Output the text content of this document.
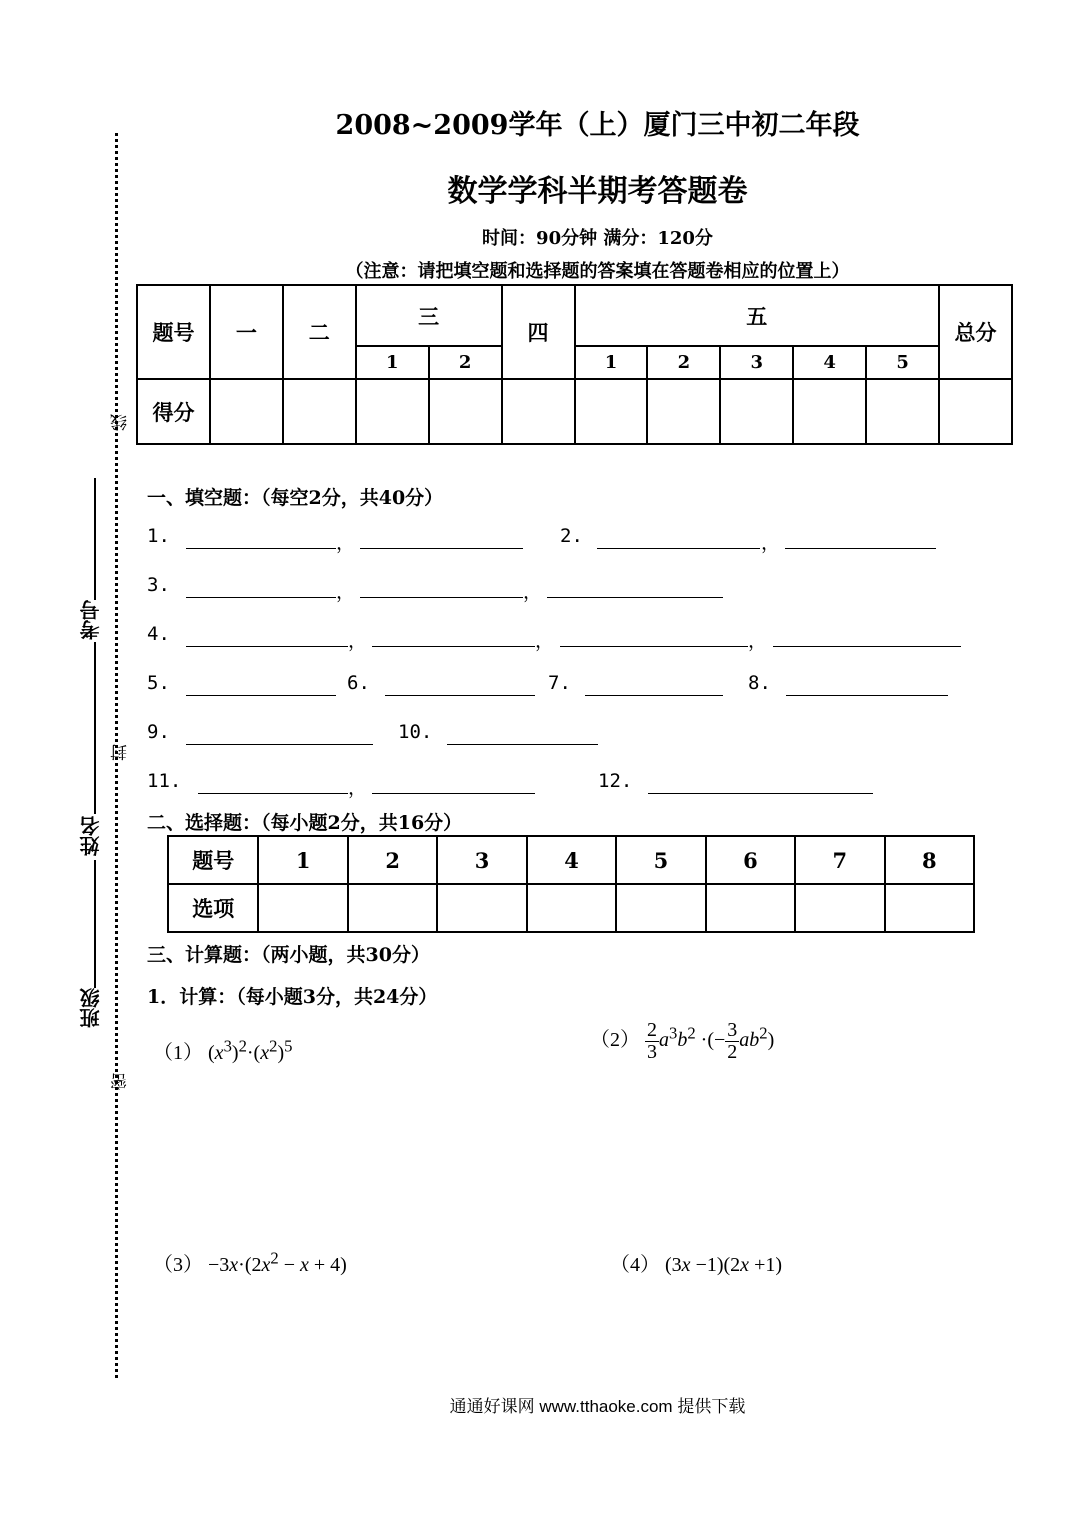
线
封
密
考号
姓名
班级
2008~2009学年（上）厦门三中初二年段
数学学科半期考答题卷
时间：90分钟 满分：120分
（注意：请把填空题和选择题的答案填在答题卷相应的位置上）
题号	一	二	三		四	五					总分
			1	2		1	2	3	4	5	
得分											
一、填空题：（每空2分，共40分）
1.	，	2.	，
3.	，	，
4.	，	，	，
5.	6.	7.	8.
9.	10.
11.	，	12.
二、选择题：（每小题2分，共16分）
题号	1	2	3	4	5	6	7	8
选项								
三、计算题：（两小题，共30分）
1．计算：（每小题3分，共24分）
（1） $(x^3)^2\cdot(x^2)^5$	$(2) \frac{2}{3} a^3b^2$ ·(− $\frac{3}{2} ab^2$)
$(3) -3x\cdot(2x^2 - x + 4)$	（4） (3x −1)(2x +1)
通通好课网 www.tthaoke.com 提供下载
